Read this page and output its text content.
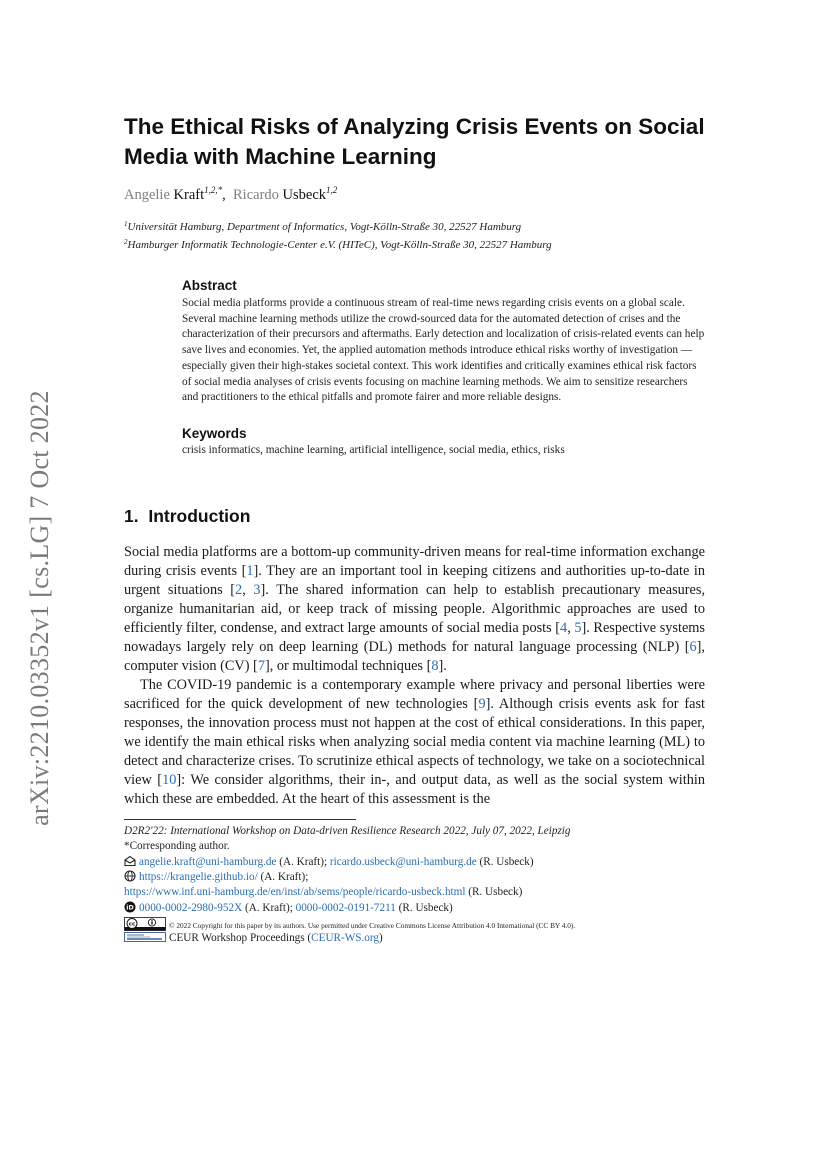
arXiv:2210.03352v1 [cs.LG] 7 Oct 2022
The Ethical Risks of Analyzing Crisis Events on Social Media with Machine Learning
Angelie Kraft$^{1,2,*}$,  Ricardo Usbeck$^{1,2}$
$^1$Universität Hamburg, Department of Informatics, Vogt-Kölln-Straße 30, 22527 Hamburg
$^2$Hamburger Informatik Technologie-Center e.V. (HITeC), Vogt-Kölln-Straße 30, 22527 Hamburg
Abstract
Social media platforms provide a continuous stream of real-time news regarding crisis events on a global scale. Several machine learning methods utilize the crowd-sourced data for the automated detection of crises and the characterization of their precursors and aftermaths. Early detection and localization of crisis-related events can help save lives and economies. Yet, the applied automation methods introduce ethical risks worthy of investigation — especially given their high-stakes societal context. This work identifies and critically examines ethical risk factors of social media analyses of crisis events focusing on machine learning methods. We aim to sensitize researchers and practitioners to the ethical pitfalls and promote fairer and more reliable designs.
Keywords
crisis informatics, machine learning, artificial intelligence, social media, ethics, risks
1. Introduction

Social media platforms are a bottom-up community-driven means for real-time information exchange during crisis events [1]. They are an important tool in keeping citizens and authorities up-to-date in urgent situations [2, 3]. The shared information can help to establish precautionary measures, organize humanitarian aid, or keep track of missing people. Algorithmic approaches are used to efficiently filter, condense, and extract large amounts of social media posts [4, 5]. Respective systems nowadays largely rely on deep learning (DL) methods for natural language processing (NLP) [6], computer vision (CV) [7], or multimodal techniques [8].

The COVID-19 pandemic is a contemporary example where privacy and personal liberties were sacrificed for the quick development of new technologies [9]. Although crisis events ask for fast responses, the innovation process must not happen at the cost of ethical considerations. In this paper, we identify the main ethical risks when analyzing social media content via machine learning (ML) to detect and characterize crises. To scrutinize ethical aspects of technology, we take on a sociotechnical view [10]: We consider algorithms, their in-, and output data, as well as the social system within which these are embedded. At the heart of this assessment is the

D2R2'22: International Workshop on Data-driven Resilience Research 2022, July 07, 2022, Leipzig
*Corresponding author.
angelie.kraft@uni-hamburg.de (A. Kraft); ricardo.usbeck@uni-hamburg.de (R. Usbeck)
https://krangelie.github.io/ (A. Kraft);
https://www.inf.uni-hamburg.de/en/inst/ab/sems/people/ricardo-usbeck.html (R. Usbeck)
iD 0000-0002-2980-952X (A. Kraft); 0000-0002-0191-7211 (R. Usbeck)
cc	© 2022 Copyright for this paper by its authors. Use permitted under Creative Commons License Attribution 4.0 International (CC BY 4.0).
CEUR Workshop Proceedings (CEUR-WS.org)
